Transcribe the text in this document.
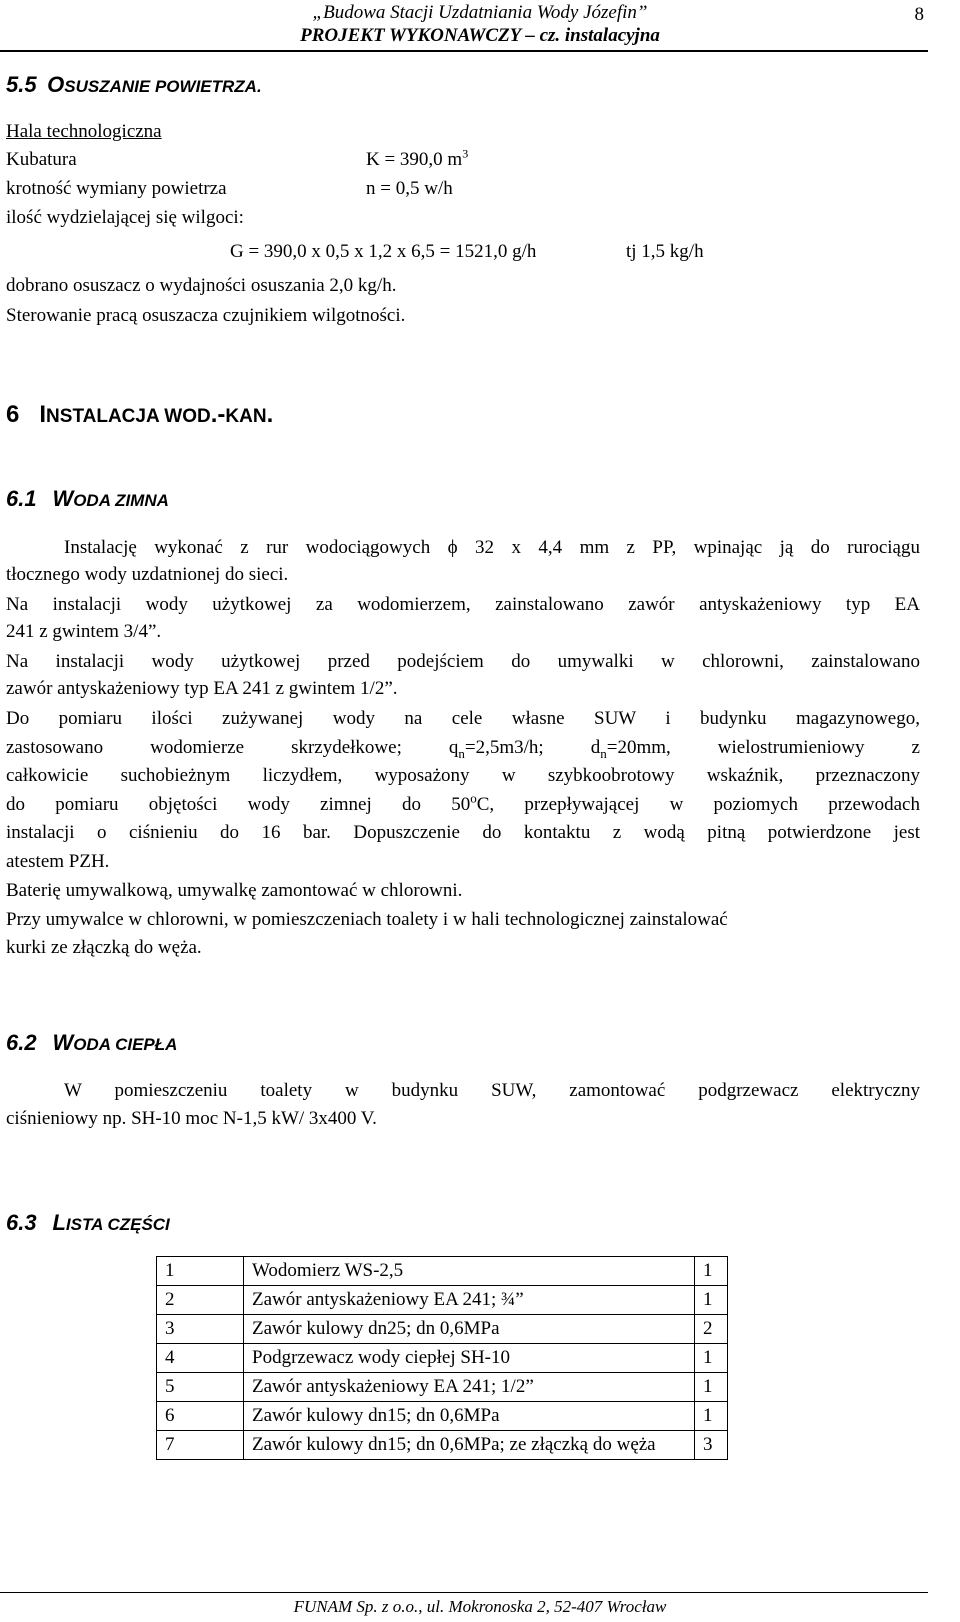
„Budowa Stacji Uzdatniania Wody Józefin”
PROJEKT WYKONAWCZY – cz. instalacyjna
8
5.5 OSUSZANIE POWIETRZA.
Hala technologiczna
Kubatura	K = 390,0 $m^3$
krotność wymiany powietrza	n = 0,5 w/h
ilość wydzielającej się wilgoci:
G = 390,0 x 0,5 x 1,2 x 6,5 = 1521,0 g/h	tj 1,5 kg/h
dobrano osuszacz o wydajności osuszania 2,0 kg/h.
Sterowanie pracą osuszacza czujnikiem wilgotności.
6 INSTALACJA WOD.-KAN.
6.1 WODA ZIMNA
Instalację wykonać z rur wodociągowych ϕ 32 x 4,4 mm z PP, wpinając ją do rurociągu
tłocznego wody uzdatnionej do sieci.
Na instalacji wody użytkowej za wodomierzem, zainstalowano zawór antyskażeniowy typ EA
241 z gwintem 3/4”.
Na instalacji wody użytkowej przed podejściem do umywalki w chlorowni, zainstalowano
zawór antyskażeniowy typ EA 241 z gwintem 1/2”.
Do pomiaru ilości zużywanej wody na cele własne SUW i budynku magazynowego,
zastosowano wodomierze skrzydełkowe; $q_n=2,5m3/h$; $d_n=20mm$, wielostrumieniowy z
całkowicie suchobieżnym liczydłem, wyposażony w szybkoobrotowy wskaźnik, przeznaczony
do pomiaru objętości wody zimnej do 50$^o$C, przepływającej w poziomych przewodach
instalacji o ciśnieniu do 16 bar. Dopuszczenie do kontaktu z wodą pitną potwierdzone jest
atestem PZH.
Baterię umywalkową, umywalkę zamontować w chlorowni.
Przy umywalce w chlorowni, w pomieszczeniach toalety i w hali technologicznej zainstalować
kurki ze złączką do węża.
6.2 WODA CIEPŁA
W pomieszczeniu toalety w budynku SUW, zamontować podgrzewacz elektryczny
ciśnieniowy np. SH-10 moc N-1,5 kW/ 3x400 V.
6.3 LISTA CZĘŚCI
1	Wodomierz WS-2,5	1
2	Zawór antyskażeniowy EA 241; ¾”	1
3	Zawór kulowy dn25; dn 0,6MPa	2
4	Podgrzewacz wody ciepłej SH-10	1
5	Zawór antyskażeniowy EA 241; 1/2”	1
6	Zawór kulowy dn15; dn 0,6MPa	1
7	Zawór kulowy dn15; dn 0,6MPa; ze złączką do węża	3
FUNAM Sp. z o.o., ul. Mokronoska 2, 52-407 Wrocław
